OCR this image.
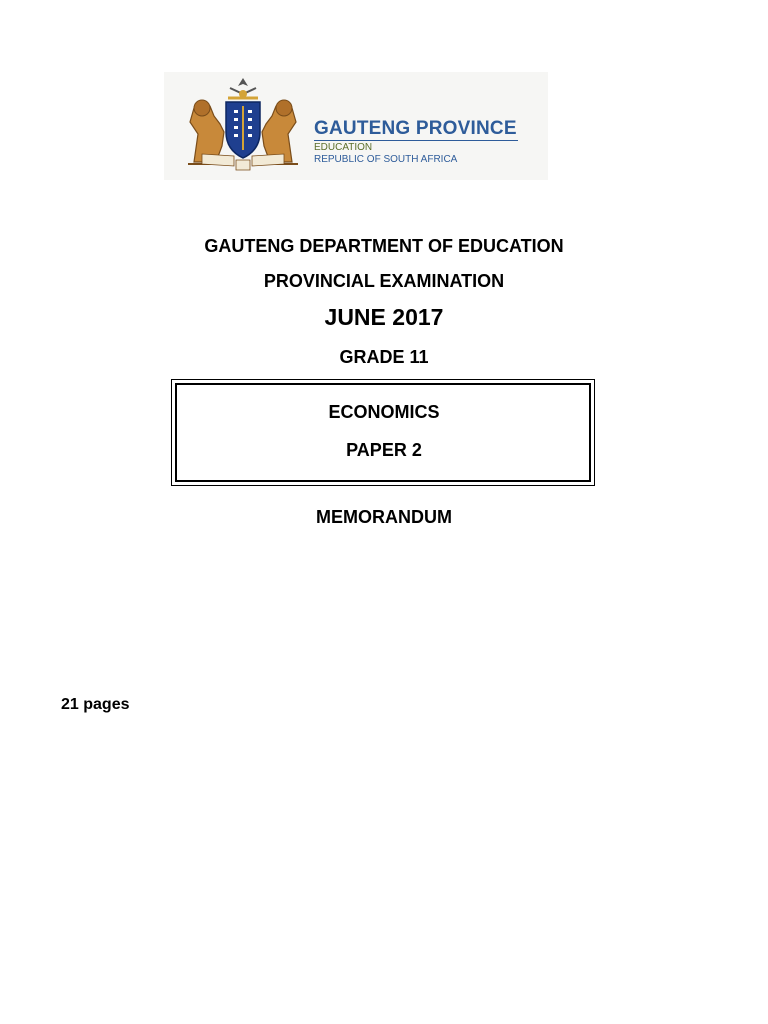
GAUTENG PROVINCE
EDUCATION
REPUBLIC OF SOUTH AFRICA
GAUTENG DEPARTMENT OF EDUCATION
PROVINCIAL EXAMINATION
JUNE 2017
GRADE 11
ECONOMICS
PAPER 2
MEMORANDUM
21 pages
